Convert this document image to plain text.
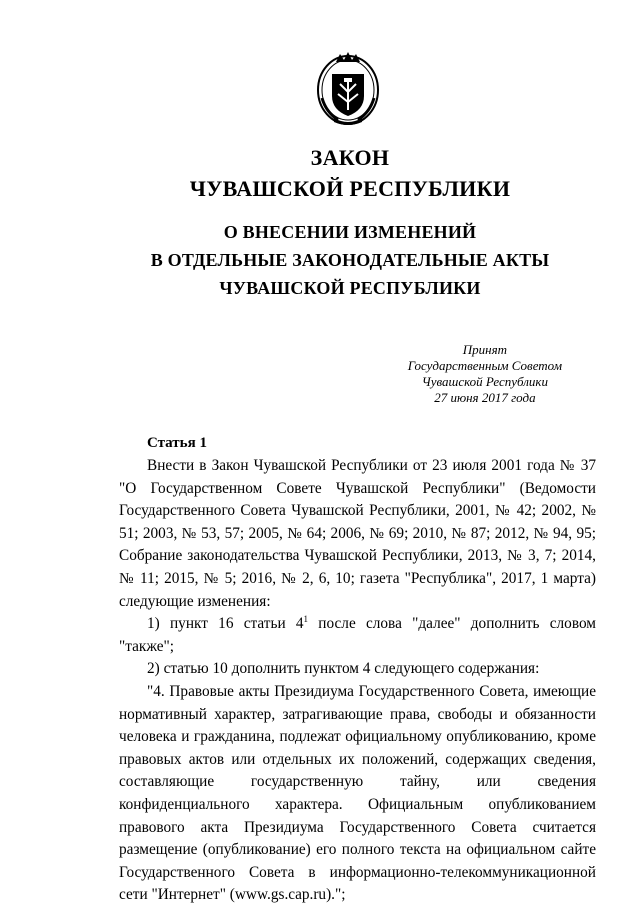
ЗАКОН
ЧУВАШСКОЙ РЕСПУБЛИКИ
О ВНЕСЕНИИ ИЗМЕНЕНИЙ
В ОТДЕЛЬНЫЕ ЗАКОНОДАТЕЛЬНЫЕ АКТЫ
ЧУВАШСКОЙ РЕСПУБЛИКИ
Принят
Государственным Советом
Чувашской Республики
27 июня 2017 года
Статья 1

Внести в Закон Чувашской Республики от 23 июля 2001 года № 37 "О Государственном Совете Чувашской Республики" (Ведомости Государственного Совета Чувашской Республики, 2001, № 42; 2002, № 51; 2003, № 53, 57; 2005, № 64; 2006, № 69; 2010, № 87; 2012, № 94, 95; Собрание законодательства Чувашской Республики, 2013, № 3, 7; 2014, № 11; 2015, № 5; 2016, № 2, 6, 10; газета "Республика", 2017, 1 марта) следующие изменения:

1) пункт 16 статьи $4^1$ после слова "далее" дополнить словом "также";

2) статью 10 дополнить пунктом 4 следующего содержания:

"4. Правовые акты Президиума Государственного Совета, имеющие нормативный характер, затрагивающие права, свободы и обязанности человека и гражданина, подлежат официальному опубликованию, кроме правовых актов или отдельных их положений, содержащих сведения, составляющие государственную тайну, или сведения конфиденциального характера. Официальным опубликованием правового акта Президиума Государственного Совета считается размещение (опубликование) его полного текста на официальном сайте Государственного Совета в информационно-телекоммуникационной сети "Интернет" (www.gs.cap.ru).";
